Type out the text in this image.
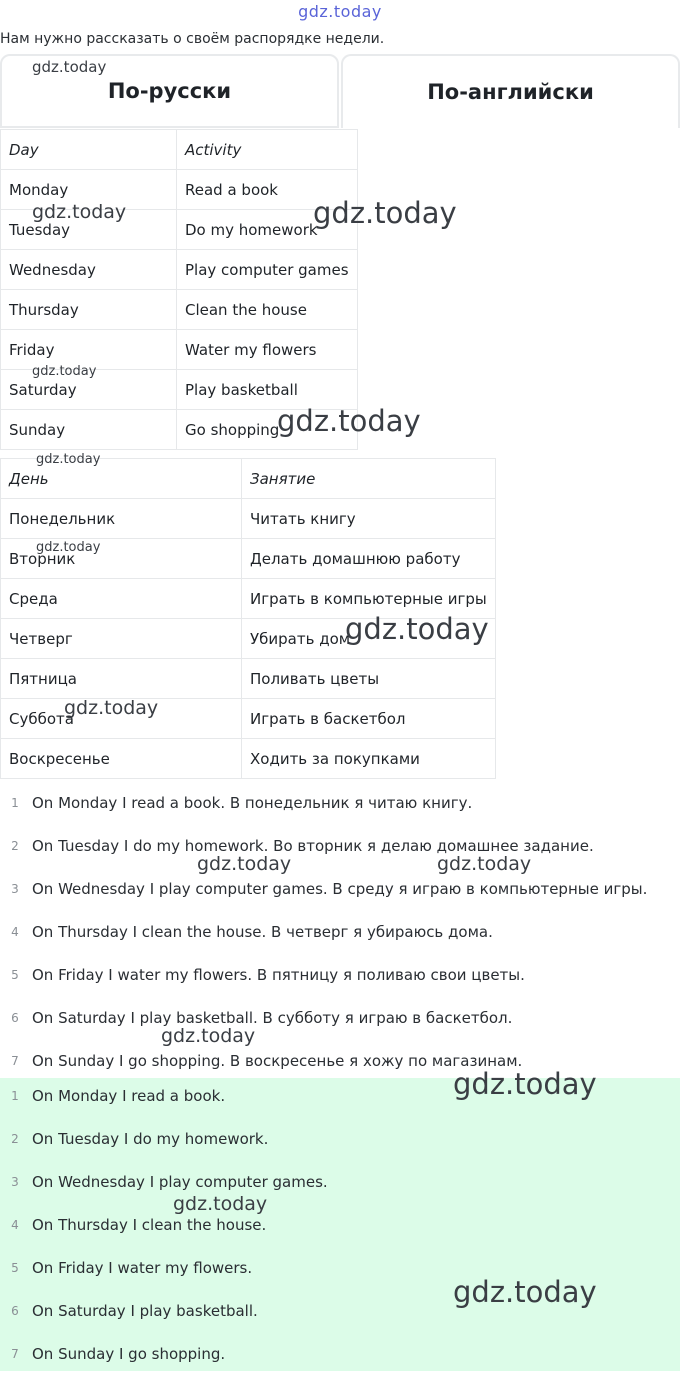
gdz.today
Нам нужно рассказать о своём распорядке недели.
По-русски	По-английски
Day	Activity
Monday	Read a book
Tuesday	Do my homework
Wednesday	Play computer games
Thursday	Clean the house
Friday	Water my flowers
Saturday	Play basketball
Sunday	Go shopping
День	Занятие
Понедельник	Читать книгу
Вторник	Делать домашнюю работу
Среда	Играть в компьютерные игры
Четверг	Убирать дом
Пятница	Поливать цветы
Суббота	Играть в баскетбол
Воскресенье	Ходить за покупками
1 On Monday I read a book. В понедельник я читаю книгу.
2 On Tuesday I do my homework. Во вторник я делаю домашнее задание.
3 On Wednesday I play computer games. В среду я играю в компьютерные игры.
4 On Thursday I clean the house. В четверг я убираюсь дома.
5 On Friday I water my flowers. В пятницу я поливаю свои цветы.
6 On Saturday I play basketball. В субботу я играю в баскетбол.
7 On Sunday I go shopping. В воскресенье я хожу по магазинам.
1 On Monday I read a book.
2 On Tuesday I do my homework.
3 On Wednesday I play computer games.
4 On Thursday I clean the house.
5 On Friday I water my flowers.
6 On Saturday I play basketball.
7 On Sunday I go shopping.
gdz.today
gdz.today	gdz.today
gdz.today
gdz.today
gdz.today
gdz.today
gdz.today
gdz.today
gdz.today	gdz.today
gdz.today
gdz.today
gdz.today
gdz.today
